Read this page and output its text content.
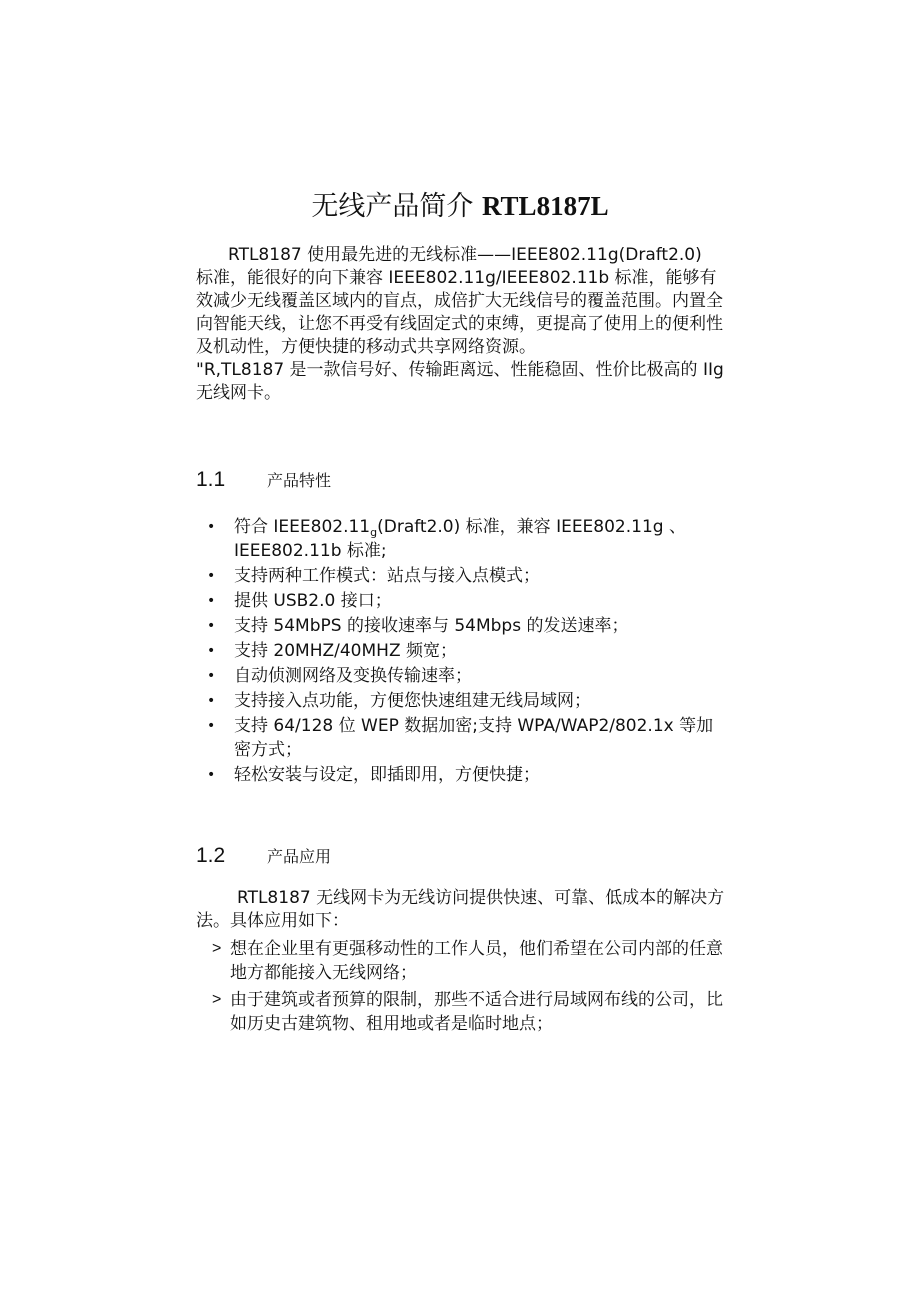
无线产品简介 RTL8187L
RTL8187 使用最先进的无线标准——IEEE802.11g(Draft2.0)
标准，能很好的向下兼容 IEEE802.11g/IEEE802.11b 标准，能够有
效减少无线覆盖区域内的盲点，成倍扩大无线信号的覆盖范围。内置全
向智能天线，让您不再受有线固定式的束缚，更提高了使用上的便利性
及机动性，方便快捷的移动式共享网络资源。
"R,TL8187 是一款信号好、传输距离远、性能稳固、性价比极高的 IIg
无线网卡。
1.1	产品特性
• 符合 $IEEE802.11_g(Draft2.0)$ 标准，兼容 IEEE802.11g 、
IEEE802.11b 标准;
• 支持两种工作模式：站点与接入点模式；
• 提供 USB2.0 接口；
• 支持 54MbPS 的接收速率与 54Mbps 的发送速率；
• 支持 20MHZ/40MHZ 频宽；
• 自动侦测网络及变换传输速率；
• 支持接入点功能，方便您快速组建无线局域网；
• 支持 64/128 位 WEP 数据加密;支持 WPA/WAP2/802.1x 等加
密方式；
• 轻松安装与设定，即插即用，方便快捷；
1.2	产品应用
RTL8187 无线网卡为无线访问提供快速、可靠、低成本的解决方
法。具体应用如下：
> 想在企业里有更强移动性的工作人员，他们希望在公司内部的任意
地方都能接入无线网络；
> 由于建筑或者预算的限制，那些不适合进行局域网布线的公司，比
如历史古建筑物、租用地或者是临时地点；
